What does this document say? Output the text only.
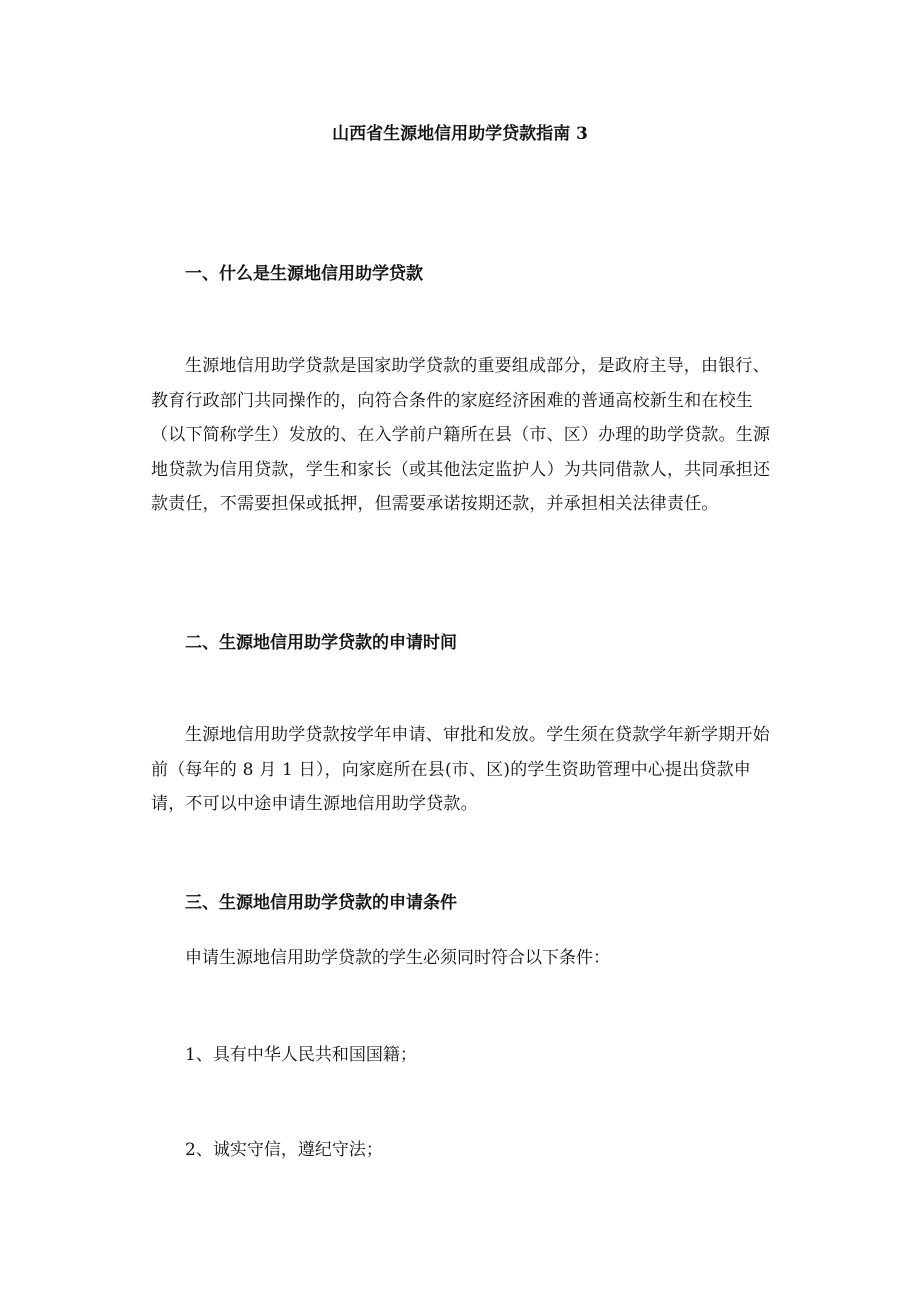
山西省生源地信用助学贷款指南 3
一、什么是生源地信用助学贷款

生源地信用助学贷款是国家助学贷款的重要组成部分，是政府主导，由银行、教育行政部门共同操作的，向符合条件的家庭经济困难的普通高校新生和在校生（以下简称学生）发放的、在入学前户籍所在县（市、区）办理的助学贷款。生源地贷款为信用贷款，学生和家长（或其他法定监护人）为共同借款人，共同承担还款责任，不需要担保或抵押，但需要承诺按期还款，并承担相关法律责任。

二、生源地信用助学贷款的申请时间

生源地信用助学贷款按学年申请、审批和发放。学生须在贷款学年新学期开始前（每年的 8 月 1 日），向家庭所在县(市、区)的学生资助管理中心提出贷款申请，不可以中途申请生源地信用助学贷款。

三、生源地信用助学贷款的申请条件
申请生源地信用助学贷款的学生必须同时符合以下条件：
1、具有中华人民共和国国籍；
2、诚实守信，遵纪守法；
